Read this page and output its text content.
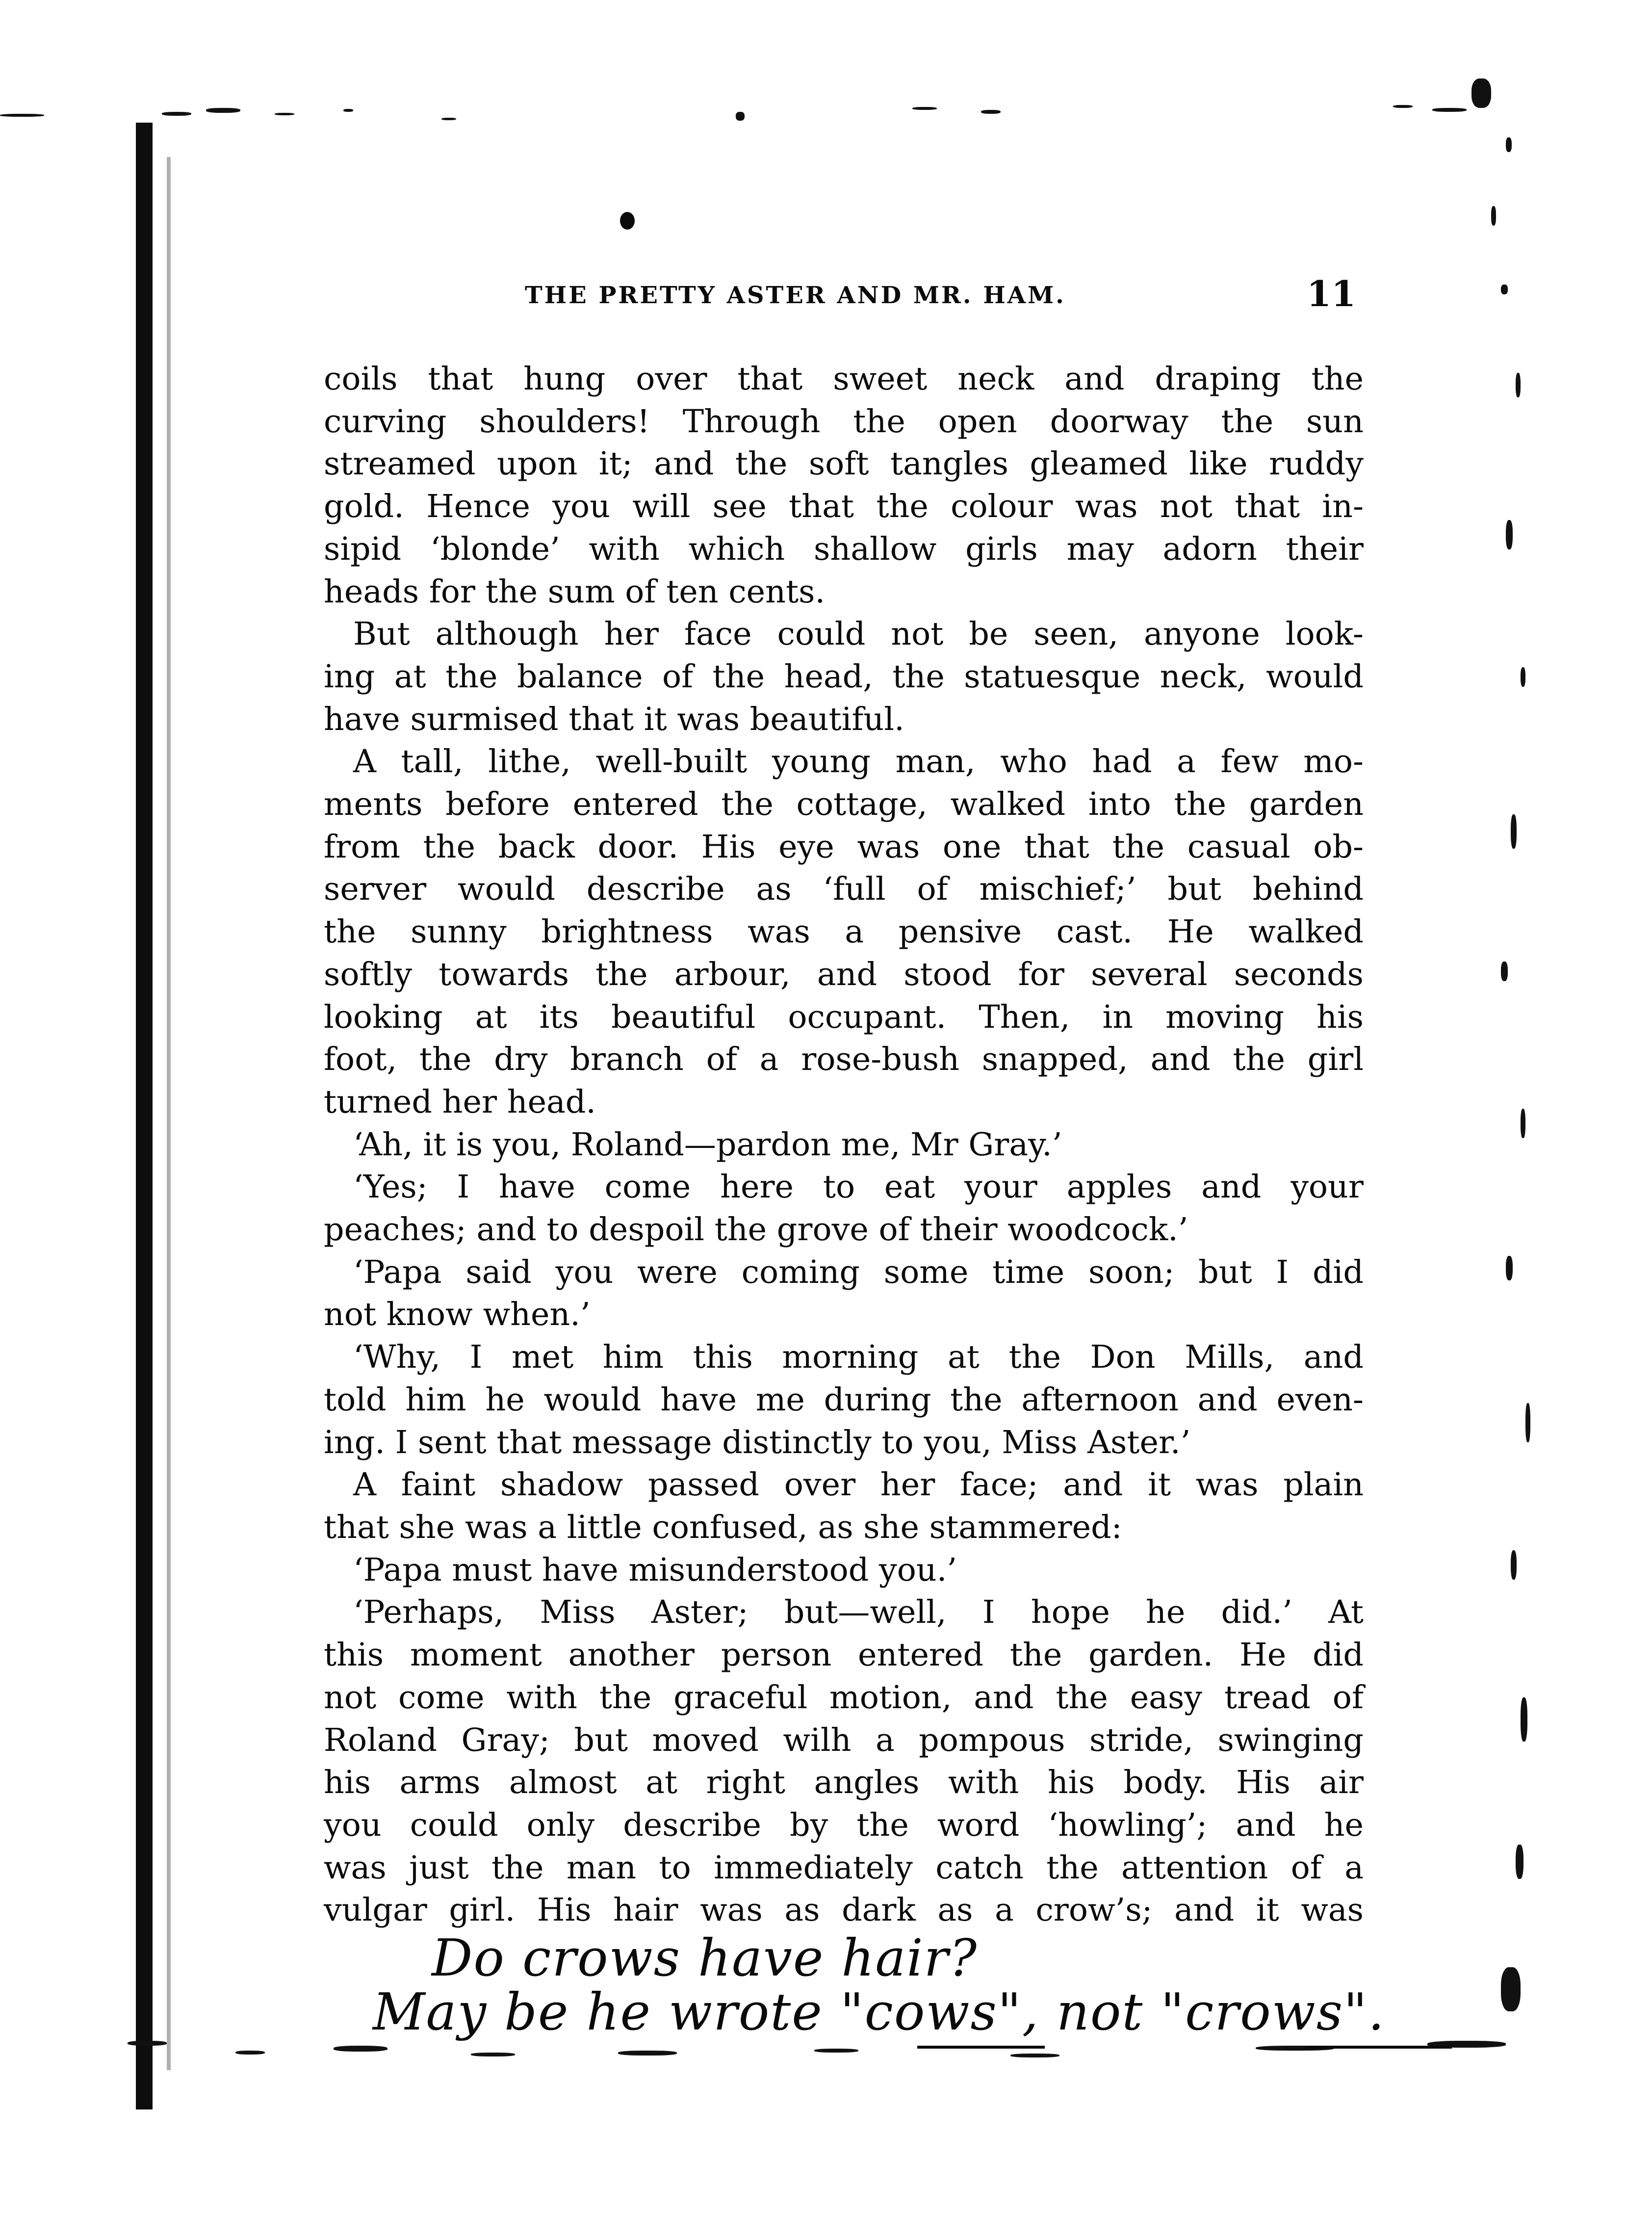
THE PRETTY ASTER AND MR. HAM.	11
coils that hung over that sweet neck and draping the
curving shoulders! Through the open doorway the sun
streamed upon it; and the soft tangles gleamed like ruddy
gold. Hence you will see that the colour was not that in-
sipid ‘blonde’ with which shallow girls may adorn their
heads for the sum of ten cents.
But although her face could not be seen, anyone look-
ing at the balance of the head, the statuesque neck, would
have surmised that it was beautiful.
A tall, lithe, well-built young man, who had a few mo-
ments before entered the cottage, walked into the garden
from the back door. His eye was one that the casual ob-
server would describe as ‘full of mischief;’ but behind
the sunny brightness was a pensive cast. He walked
softly towards the arbour, and stood for several seconds
looking at its beautiful occupant. Then, in moving his
foot, the dry branch of a rose-bush snapped, and the girl
turned her head.
‘Ah, it is you, Roland—pardon me, Mr Gray.’
‘Yes; I have come here to eat your apples and your
peaches; and to despoil the grove of their woodcock.’
‘Papa said you were coming some time soon; but I did
not know when.’
‘Why, I met him this morning at the Don Mills, and
told him he would have me during the afternoon and even-
ing. I sent that message distinctly to you, Miss Aster.’
A faint shadow passed over her face; and it was plain
that she was a little confused, as she stammered:
‘Papa must have misunderstood you.’
‘Perhaps, Miss Aster; but—well, I hope he did.’ At
this moment another person entered the garden. He did
not come with the graceful motion, and the easy tread of
Roland Gray; but moved wilh a pompous stride, swinging
his arms almost at right angles with his body. His air
you could only describe by the word ‘howling’; and he
was just the man to immediately catch the attention of a
vulgar girl. His hair was as dark as a crow’s; and it was
Do crows have hair?
May be he wrote "cows", not "crows".
